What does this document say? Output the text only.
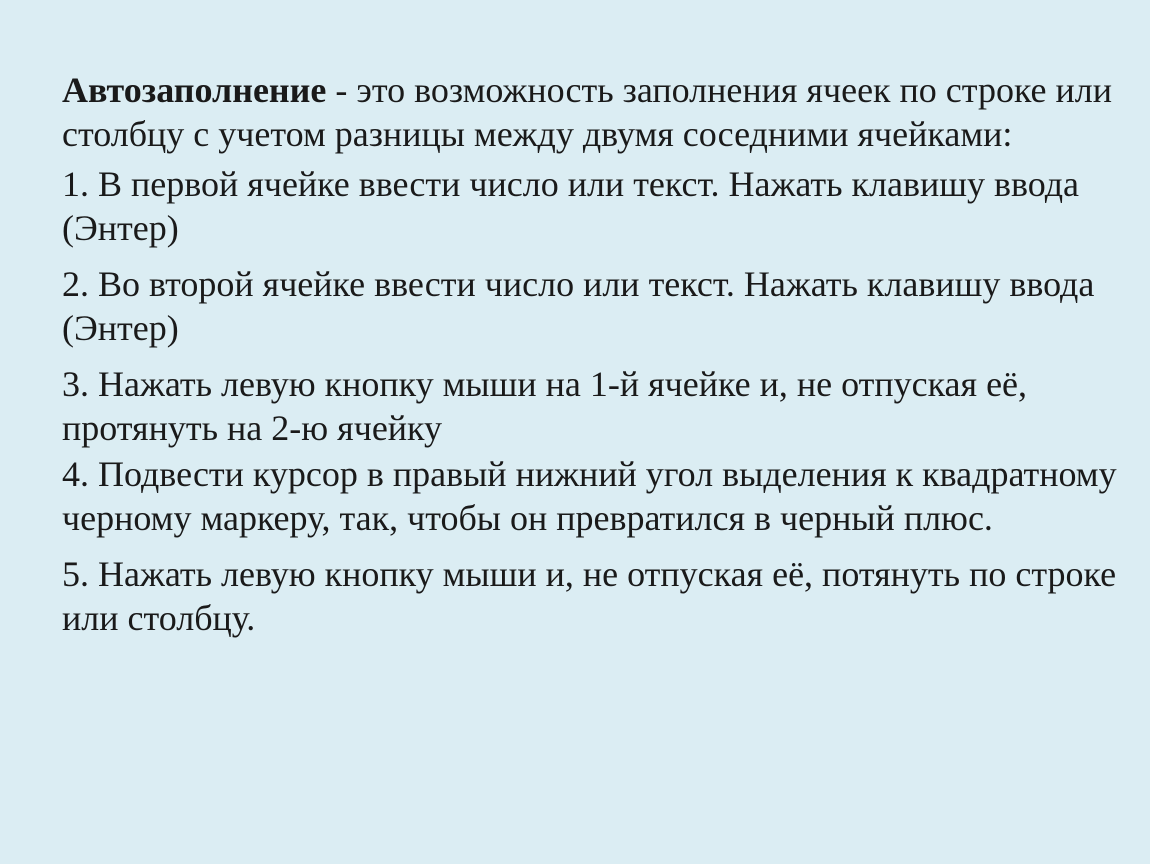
Автозаполнение - это возможность заполнения ячеек по строке или столбцу с учетом разницы между двумя соседними ячейками:

1. В первой ячейке ввести число или текст. Нажать клавишу ввода (Энтер)
2. Во второй ячейке ввести число или текст. Нажать клавишу ввода (Энтер)
3. Нажать левую кнопку мыши на 1-й ячейке и, не отпуская её, протянуть на 2-ю ячейку
4. Подвести курсор в правый нижний угол выделения к квадратному черному маркеру, так, чтобы он превратился в черный плюс.
5. Нажать левую кнопку мыши и, не отпуская её, потянуть по строке или столбцу.
